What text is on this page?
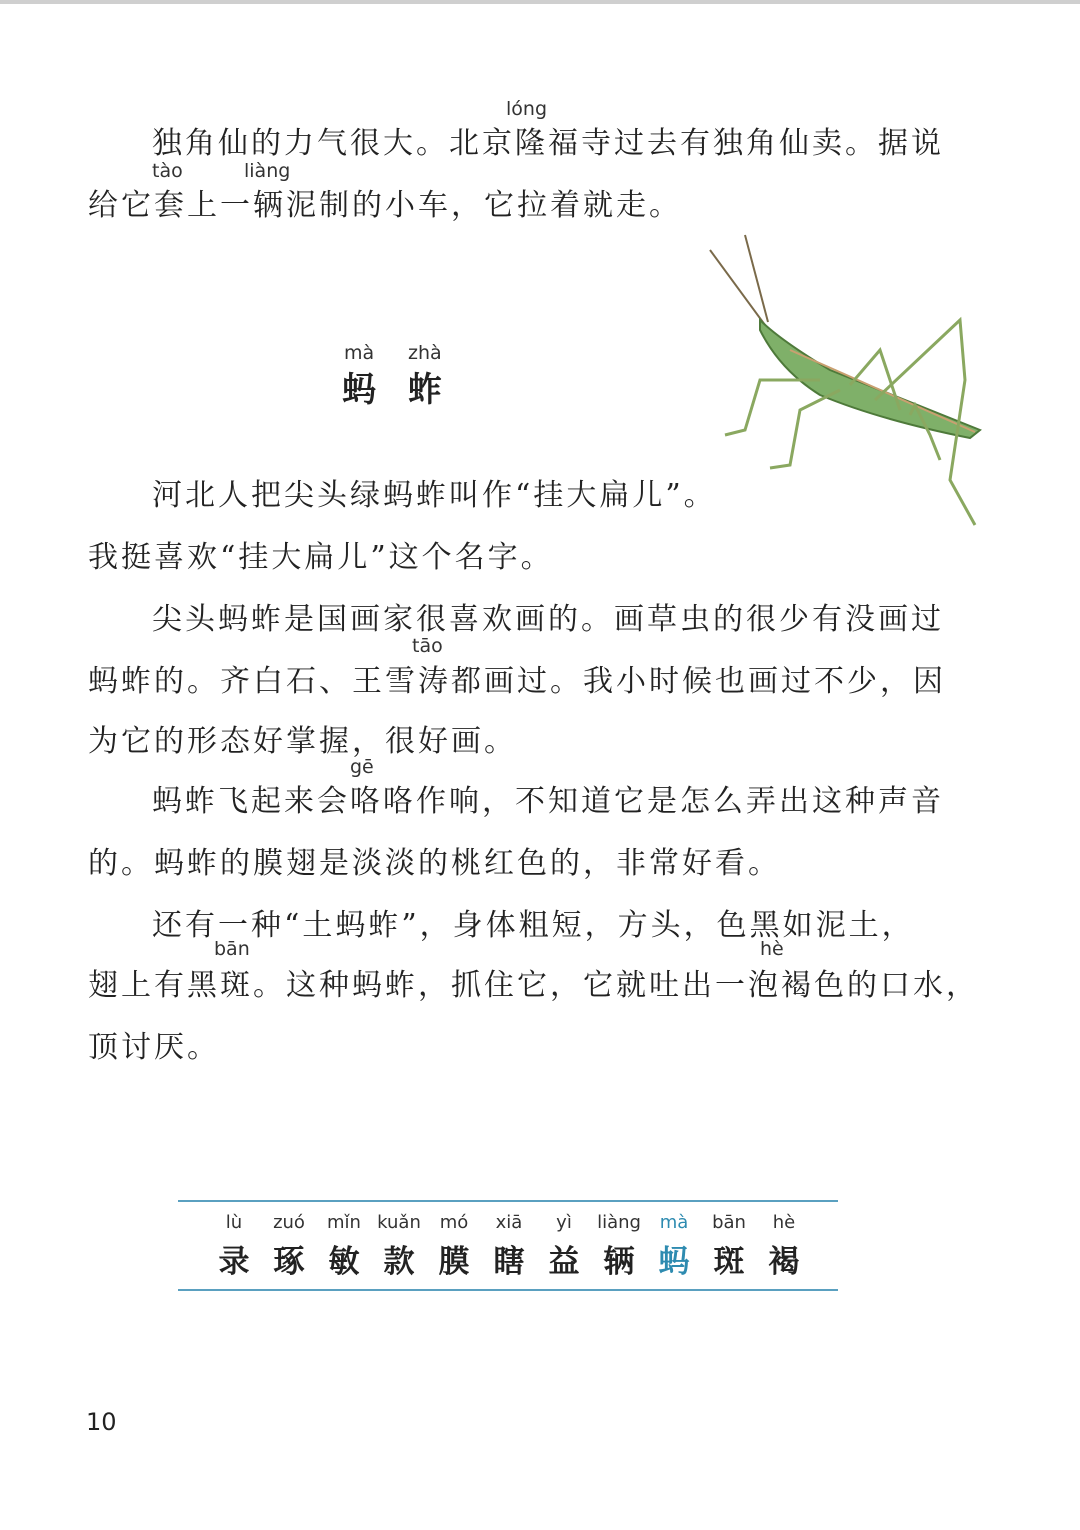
lóng
独角仙的力气很大。北京隆福寺过去有独角仙卖。据说
tào	liàng
给它套上一辆泥制的小车，它拉着就走。
mà zhà
蚂 蚱
河北人把尖头绿蚂蚱叫作“挂大扁儿”。
我挺喜欢“挂大扁儿”这个名字。
尖头蚂蚱是国画家很喜欢画的。画草虫的很少有没画过
tāo
蚂蚱的。齐白石、王雪涛都画过。我小时候也画过不少，因
为它的形态好掌握，很好画。
gē
蚂蚱飞起来会咯咯作响，不知道它是怎么弄出这种声音
的。蚂蚱的膜翅是淡淡的桃红色的，非常好看。
还有一种“土蚂蚱”，身体粗短，方头，色黑如泥土，
bān	hè
翅上有黑斑。这种蚂蚱，抓住它，它就吐出一泡褐色的口水，
顶讨厌。
lù
录
zuó
琢
mǐn
敏
kuǎn
款
mó
膜
xiā
瞎
yì
益
liàng
辆
mà
蚂
bān
斑
hè
褐
10
